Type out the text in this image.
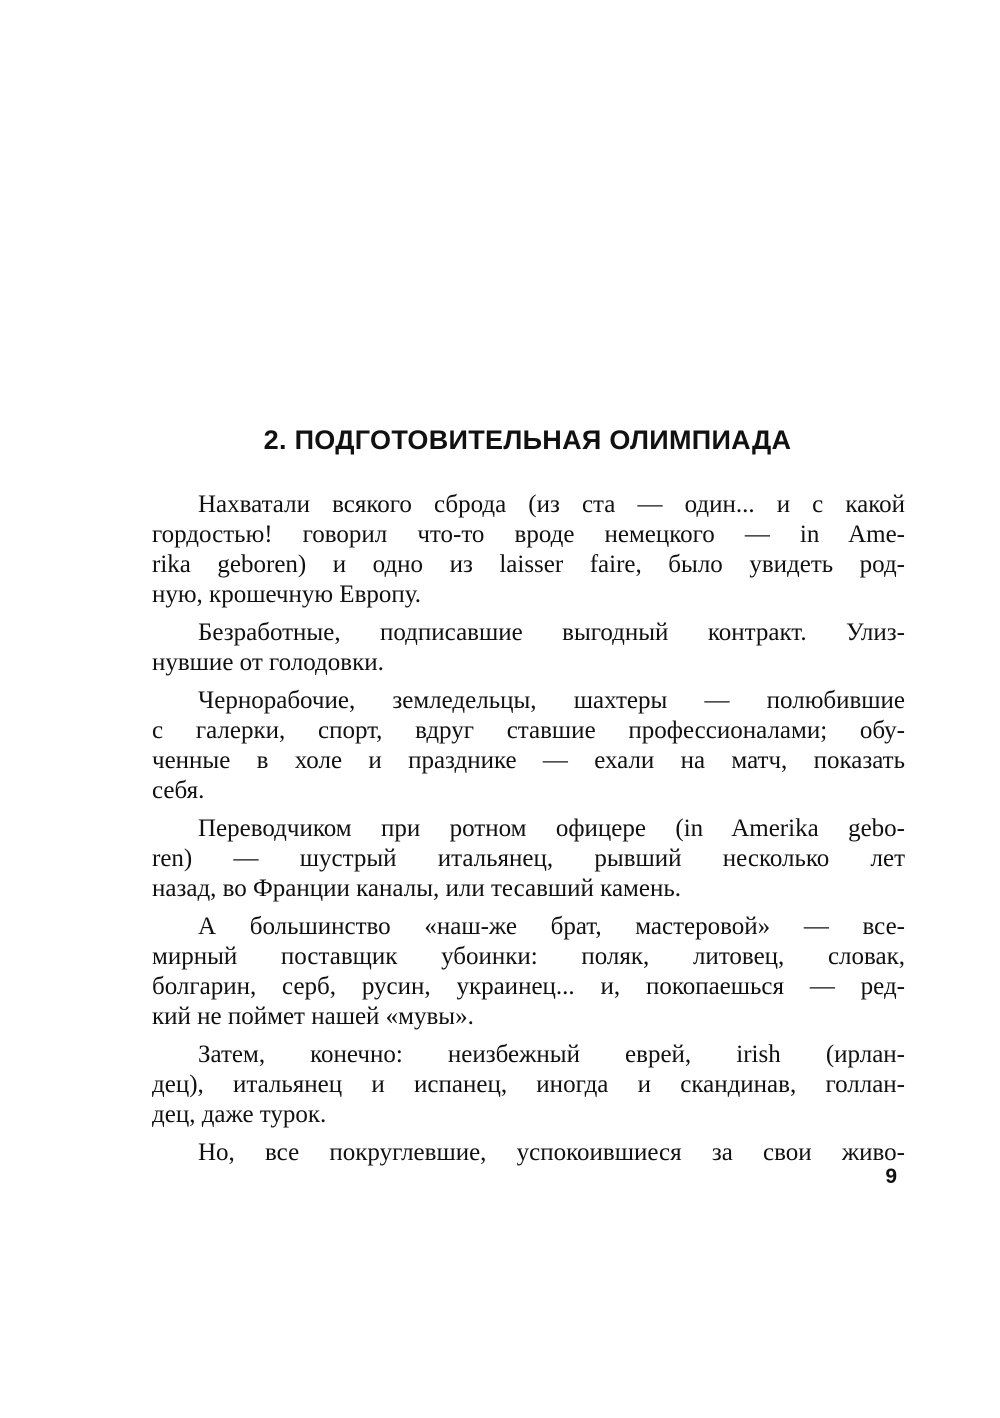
2. ПОДГОТОВИТЕЛЬНАЯ ОЛИМПИАДА
Нахватали всякого сброда (из ста — один... и с какой
гордостью! говорил что-то вроде немецкого — in Ame-
rika geboren) и одно из laisser faire, было увидеть род-
ную, крошечную Европу.
Безработные, подписавшие выгодный контракт. Улиз-
нувшие от голодовки.
Чернорабочие, земледельцы, шахтеры — полюбившие
с галерки, спорт, вдруг ставшие профессионалами; обу-
ченные в холе и празднике — ехали на матч, показать
себя.
Переводчиком при ротном офицере (in Amerika gebo-
ren) — шустрый итальянец, рывший несколько лет
назад, во Франции каналы, или тесавший камень.
А большинство «наш-же брат, мастеровой» — все-
мирный поставщик убоинки: поляк, литовец, словак,
болгарин, серб, русин, украинец... и, покопаешься — ред-
кий не поймет нашей «мувы».
Затем, конечно: неизбежный еврей, irish (ирлан-
дец), итальянец и испанец, иногда и скандинав, голлан-
дец, даже турок.
Но, все покруглевшие, успокоившиеся за свои живо-
9
